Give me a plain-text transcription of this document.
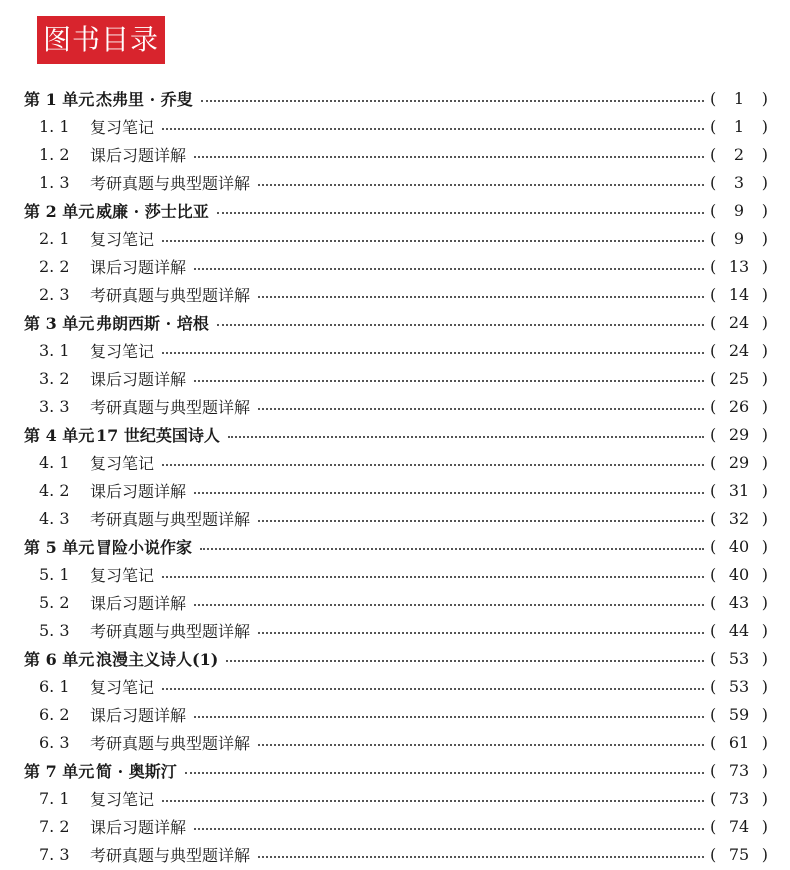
图书目录
第 1 单元 杰弗里 · 乔叟	(	1	)
1. 1	复习笔记	(	1	)
1. 2	课后习题详解	(	2	)
1. 3	考研真题与典型题详解	(	3	)
第 2 单元 威廉 · 莎士比亚	(	9	)
2. 1	复习笔记	(	9	)
2. 2	课后习题详解	( 13 )
2. 3	考研真题与典型题详解	( 14 )
第 3 单元 弗朗西斯 · 培根	( 24 )
3. 1	复习笔记	( 24 )
3. 2	课后习题详解	( 25 )
3. 3	考研真题与典型题详解	( 26 )
第 4 单元 17 世纪英国诗人	( 29 )
4. 1	复习笔记	( 29 )
4. 2	课后习题详解	( 31 )
4. 3	考研真题与典型题详解	( 32 )
第 5 单元 冒险小说作家	( 40 )
5. 1	复习笔记	( 40 )
5. 2	课后习题详解	( 43 )
5. 3	考研真题与典型题详解	( 44 )
第 6 单元 浪漫主义诗人(1)	( 53 )
6. 1	复习笔记	( 53 )
6. 2	课后习题详解	( 59 )
6. 3	考研真题与典型题详解	( 61 )
第 7 单元 简 · 奥斯汀	( 73 )
7. 1	复习笔记	( 73 )
7. 2	课后习题详解	( 74 )
7. 3	考研真题与典型题详解	( 75 )
